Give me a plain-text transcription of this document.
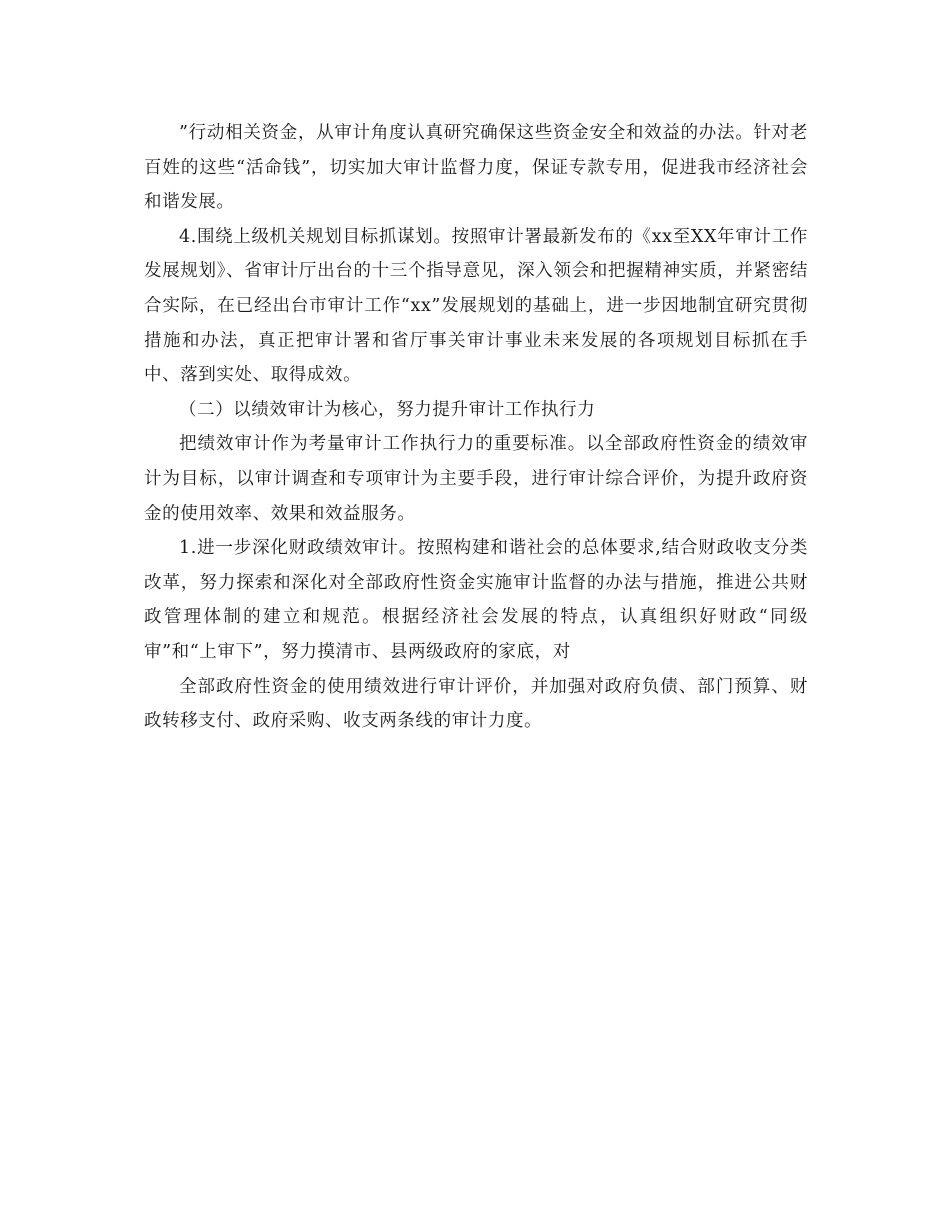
”行动相关资金，从审计角度认真研究确保这些资金安全和效益的办法。针对老百姓的这些“活命钱”，切实加大审计监督力度，保证专款专用，促进我市经济社会和谐发展。

4.围绕上级机关规划目标抓谋划。按照审计署最新发布的《xx至XX年审计工作发展规划》、省审计厅出台的十三个指导意见，深入领会和把握精神实质，并紧密结合实际，在已经出台市审计工作“xx”发展规划的基础上，进一步因地制宜研究贯彻措施和办法，真正把审计署和省厅事关审计事业未来发展的各项规划目标抓在手中、落到实处、取得成效。

（二）以绩效审计为核心，努力提升审计工作执行力

把绩效审计作为考量审计工作执行力的重要标准。以全部政府性资金的绩效审计为目标，以审计调查和专项审计为主要手段，进行审计综合评价，为提升政府资金的使用效率、效果和效益服务。

1.进一步深化财政绩效审计。按照构建和谐社会的总体要求,结合财政收支分类改革，努力探索和深化对全部政府性资金实施审计监督的办法与措施，推进公共财政管理体制的建立和规范。根据经济社会发展的特点，认真组织好财政“同级审”和“上审下”，努力摸清市、县两级政府的家底，对

全部政府性资金的使用绩效进行审计评价，并加强对政府负债、部门预算、财政转移支付、政府采购、收支两条线的审计力度。
